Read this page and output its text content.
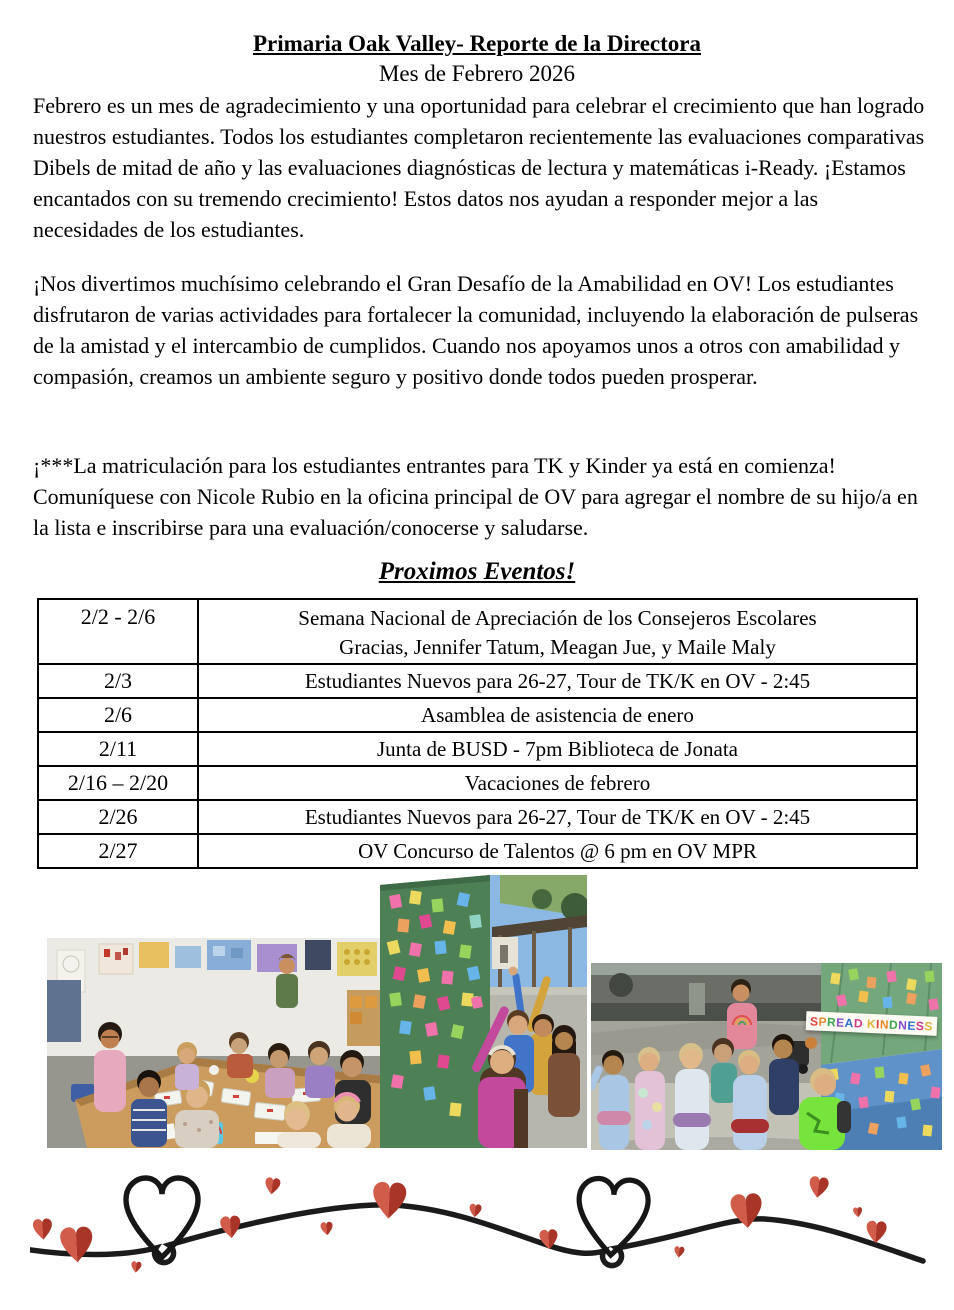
Primaria Oak Valley- Reporte de la Directora
Mes de Febrero 2026

Febrero es un mes de agradecimiento y una oportunidad para celebrar el crecimiento que han logrado nuestros estudiantes. Todos los estudiantes completaron recientemente las evaluaciones comparativas Dibels de mitad de año y las evaluaciones diagnósticas de lectura y matemáticas i-Ready. ¡Estamos encantados con su tremendo crecimiento! Estos datos nos ayudan a responder mejor a las necesidades de los estudiantes.

¡Nos divertimos muchísimo celebrando el Gran Desafío de la Amabilidad en OV! Los estudiantes disfrutaron de varias actividades para fortalecer la comunidad, incluyendo la elaboración de pulseras de la amistad y el intercambio de cumplidos. Cuando nos apoyamos unos a otros con amabilidad y compasión, creamos un ambiente seguro y positivo donde todos pueden prosperar.

¡***La matriculación para los estudiantes entrantes para TK y Kinder ya está en comienza! Comuníquese con Nicole Rubio en la oficina principal de OV para agregar el nombre de su hijo/a en la lista e inscribirse para una evaluación/conocerse y saludarse.

Proximos Eventos!
2/2 - 2/6	Semana Nacional de Apreciación de los Consejeros Escolares
Gracias, Jennifer Tatum, Meagan Jue, y Maile Maly

2/3	Estudiantes Nuevos para 26-27, Tour de TK/K en OV - 2:45
2/6	Asamblea de asistencia de enero
2/11	Junta de BUSD - 7pm Biblioteca de Jonata
2/16 – 2/20	Vacaciones de febrero
2/26	Estudiantes Nuevos para 26-27, Tour de TK/K en OV - 2:45
2/27	OV Concurso de Talentos @ 6 pm en OV MPR
SPREAD KINDNESS
